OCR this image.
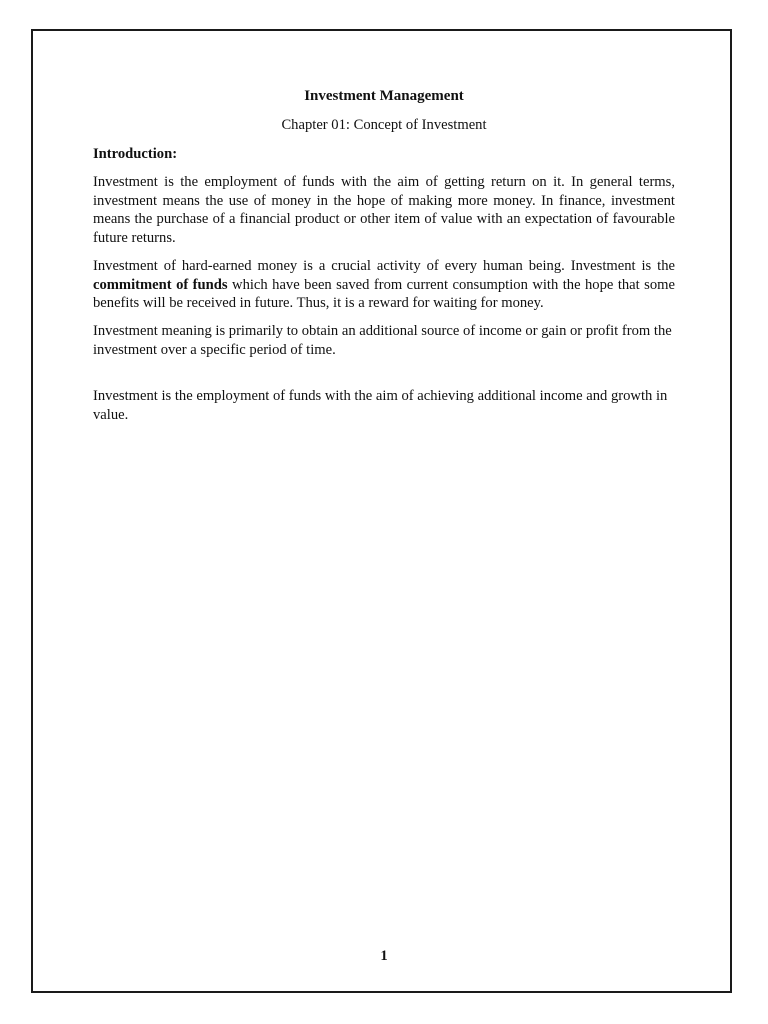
Investment Management
Chapter 01: Concept of Investment
Introduction:

Investment is the employment of funds with the aim of getting return on it. In general terms, investment means the use of money in the hope of making more money. In finance, investment means the purchase of a financial product or other item of value with an expectation of favourable future returns.

Investment of hard-earned money is a crucial activity of every human being. Investment is the commitment of funds which have been saved from current consumption with the hope that some benefits will be received in future. Thus, it is a reward for waiting for money.

Investment meaning is primarily to obtain an additional source of income or gain or profit from the investment over a specific period of time.

Investment is the employment of funds with the aim of achieving additional income and growth in value.

1
